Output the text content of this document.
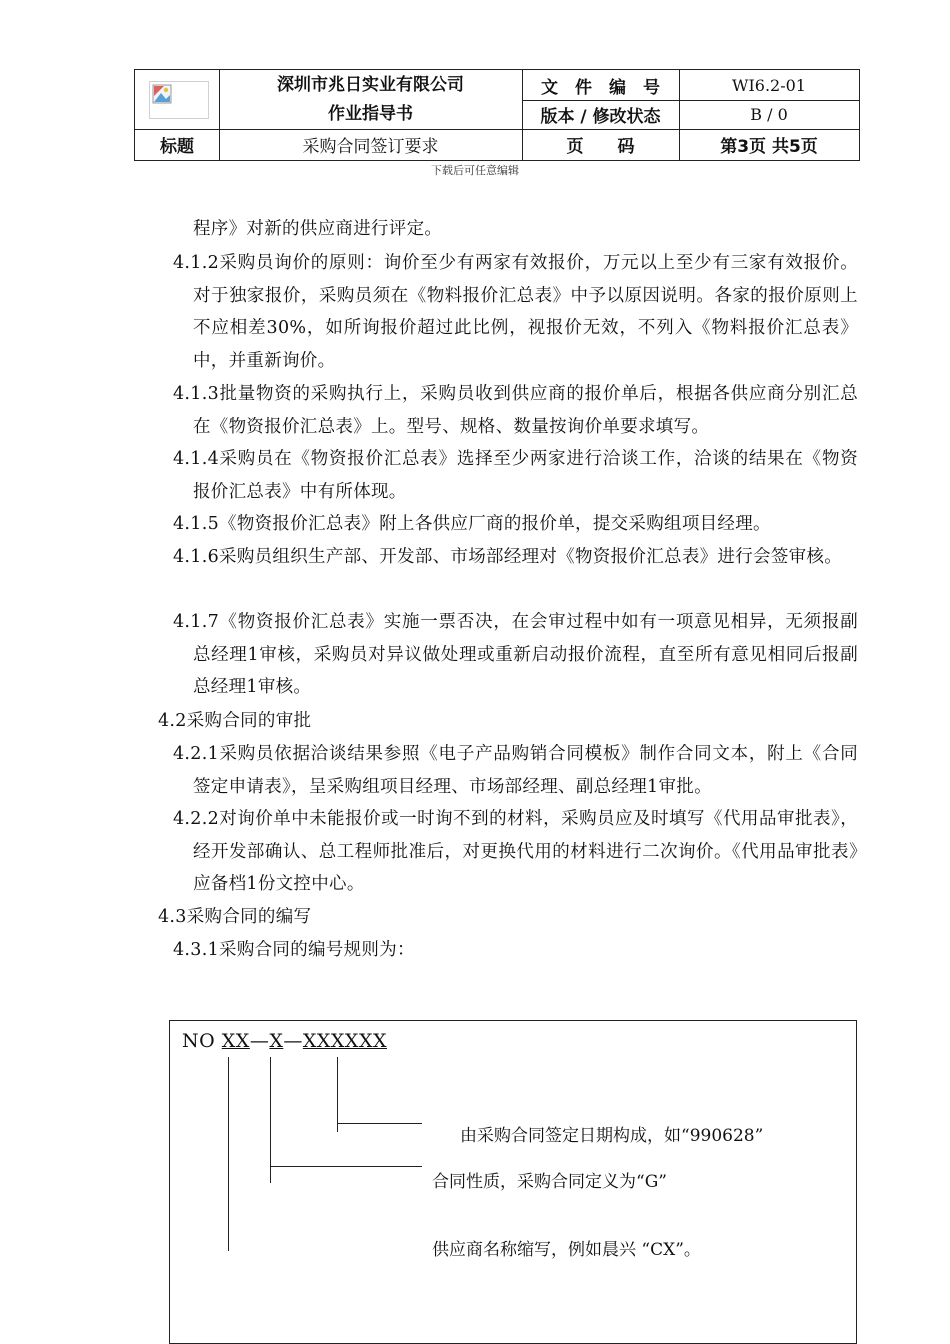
深圳市兆日实业有限公司
作业指导书
文　件　编　号	WI6.2-01
版本 / 修改状态	B / 0
标题	采购合同签订要求	页　　码	第3页 共5页
下载后可任意编辑
程序》对新的供应商进行评定。
4.1.2采购员询价的原则：询价至少有两家有效报价，万元以上至少有三家有效报价。对于独家报价，采购员须在《物料报价汇总表》中予以原因说明。各家的报价原则上不应相差30%，如所询报价超过此比例，视报价无效，不列入《物料报价汇总表》中，并重新询价。
4.1.3批量物资的采购执行上，采购员收到供应商的报价单后，根据各供应商分别汇总在《物资报价汇总表》上。型号、规格、数量按询价单要求填写。
4.1.4采购员在《物资报价汇总表》选择至少两家进行洽谈工作，洽谈的结果在《物资报价汇总表》中有所体现。
4.1.5《物资报价汇总表》附上各供应厂商的报价单，提交采购组项目经理。
4.1.6采购员组织生产部、开发部、市场部经理对《物资报价汇总表》进行会签审核。
4.1.7《物资报价汇总表》实施一票否决，在会审过程中如有一项意见相异，无须报副总经理1审核，采购员对异议做处理或重新启动报价流程，直至所有意见相同后报副总经理1审核。
4.2采购合同的审批
4.2.1采购员依据洽谈结果参照《电子产品购销合同模板》制作合同文本，附上《合同签定申请表》，呈采购组项目经理、市场部经理、副总经理1审批。
4.2.2对询价单中未能报价或一时询不到的材料，采购员应及时填写《代用品审批表》，经开发部确认、总工程师批准后，对更换代用的材料进行二次询价。《代用品审批表》应备档1份文控中心。
4.3采购合同的编写
4.3.1采购合同的编号规则为：
NO XX—X—XXXXXX
由采购合同签定日期构成，如“990628”
合同性质，采购合同定义为“G”
供应商名称缩写，例如晨兴 “CX”。
